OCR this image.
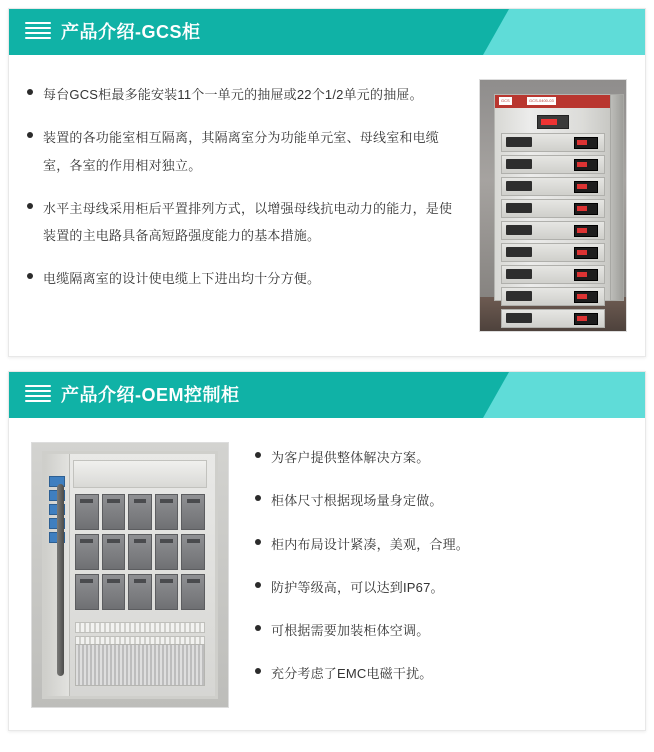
产品介绍-GCS柜
每台GCS柜最多能安装11个一单元的抽屉或22个1/2单元的抽屉。
装置的各功能室相互隔离，其隔离室分为功能单元室、母线室和电缆室，各室的作用相对独立。
水平主母线采用柜后平置排列方式，以增强母线抗电动力的能力，是使装置的主电路具备高短路强度能力的基本措施。
电缆隔离室的设计使电缆上下进出均十分方便。
GCS	GCS-0400-03
产品介绍-OEM控制柜
为客户提供整体解决方案。
柜体尺寸根据现场量身定做。
柜内布局设计紧凑，美观，合理。
防护等级高，可以达到IP67。
可根据需要加装柜体空调。
充分考虑了EMC电磁干扰。
